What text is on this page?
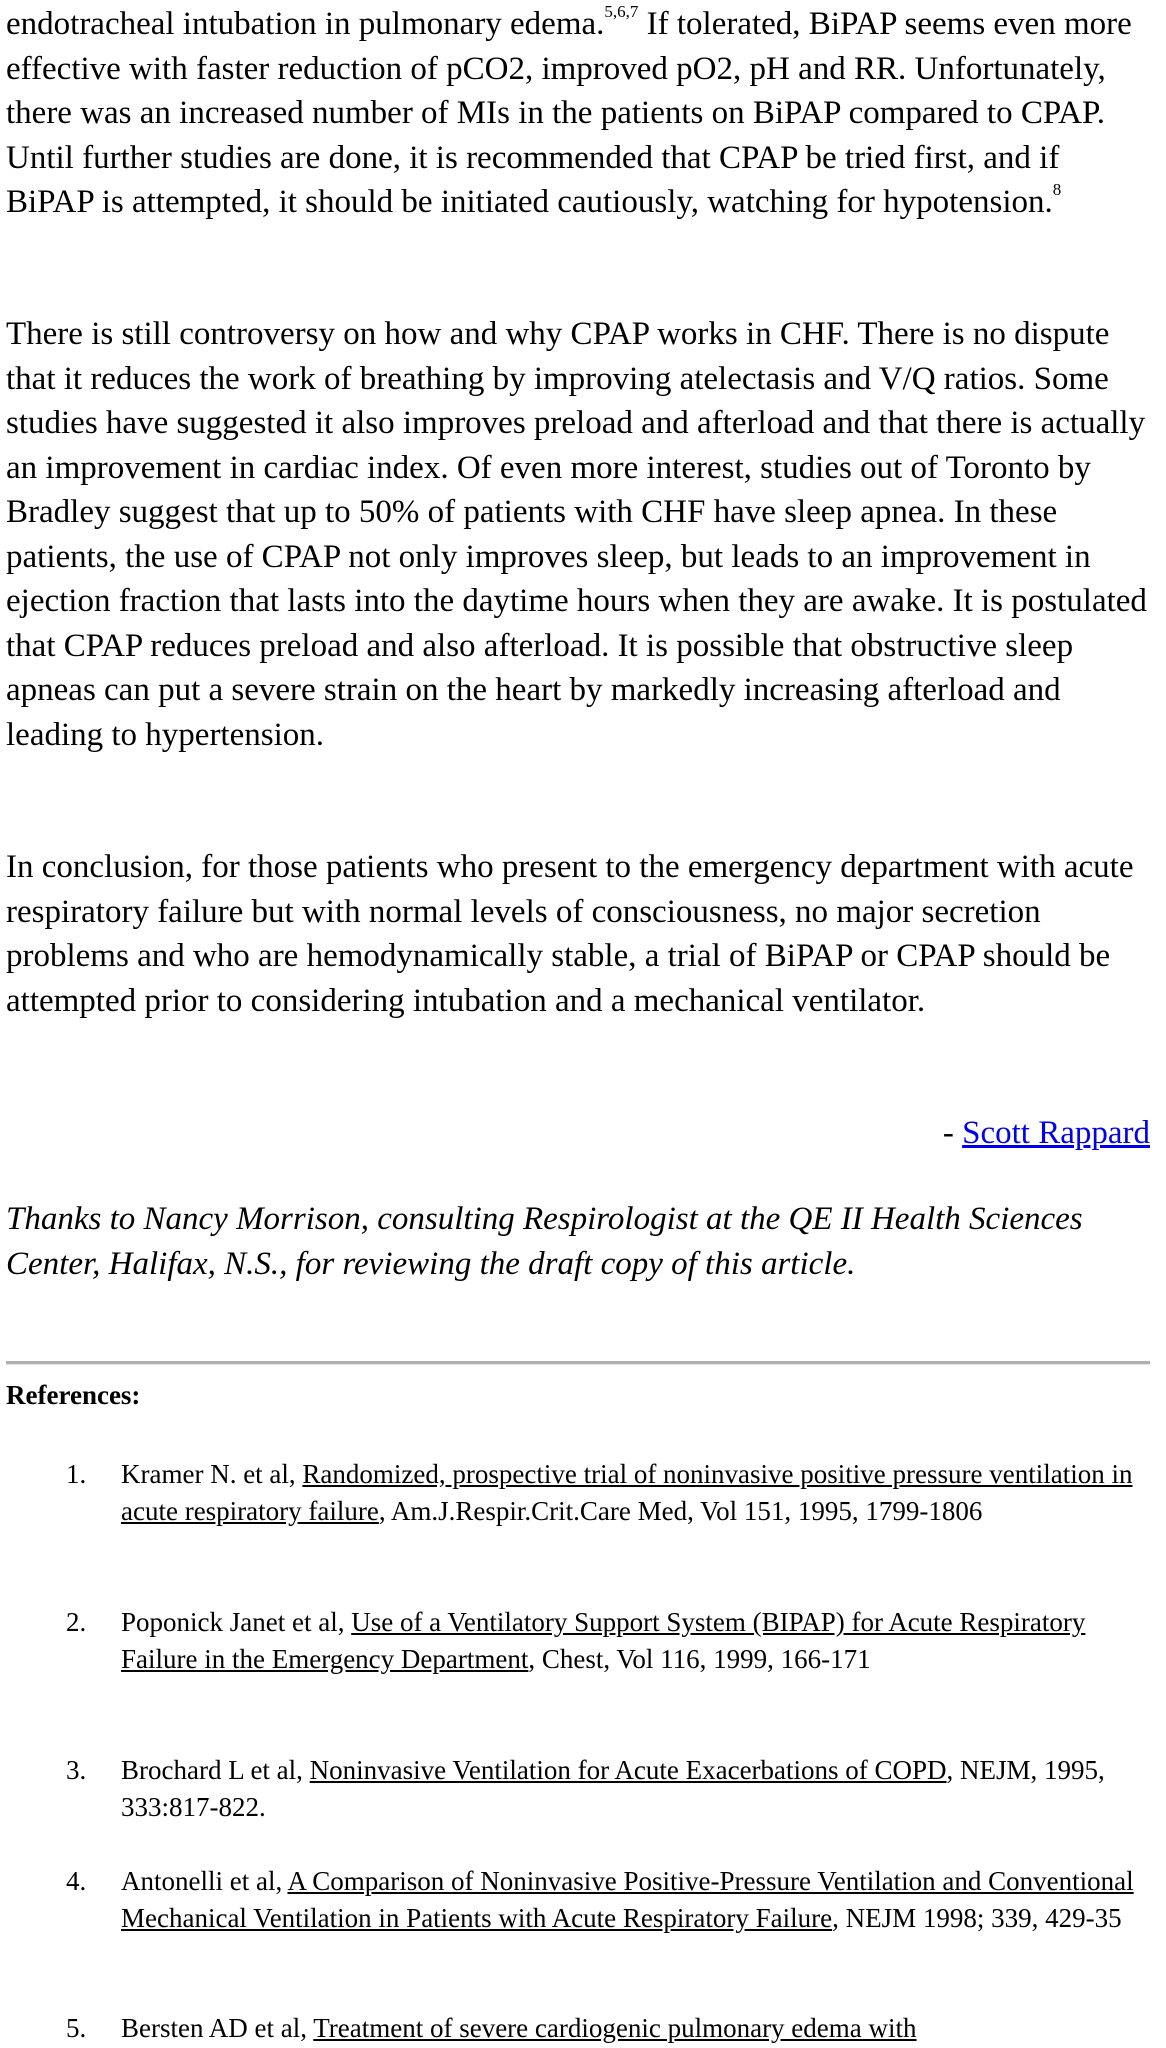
endotracheal intubation in pulmonary edema.$^{5,6,7}$ If tolerated, BiPAP seems even more effective with faster reduction of pCO2, improved pO2, pH and RR. Unfortunately, there was an increased number of MIs in the patients on BiPAP compared to CPAP. Until further studies are done, it is recommended that CPAP be tried first, and if BiPAP is attempted, it should be initiated cautiously, watching for hypotension.$^8$

There is still controversy on how and why CPAP works in CHF. There is no dispute that it reduces the work of breathing by improving atelectasis and V/Q ratios. Some studies have suggested it also improves preload and afterload and that there is actually an improvement in cardiac index. Of even more interest, studies out of Toronto by Bradley suggest that up to 50% of patients with CHF have sleep apnea. In these patients, the use of CPAP not only improves sleep, but leads to an improvement in ejection fraction that lasts into the daytime hours when they are awake. It is postulated that CPAP reduces preload and also afterload. It is possible that obstructive sleep apneas can put a severe strain on the heart by markedly increasing afterload and leading to hypertension.

In conclusion, for those patients who present to the emergency department with acute respiratory failure but with normal levels of consciousness, no major secretion problems and who are hemodynamically stable, a trial of BiPAP or CPAP should be attempted prior to considering intubation and a mechanical ventilator.

- Scott Rappard

Thanks to Nancy Morrison, consulting Respirologist at the QE II Health Sciences Center, Halifax, N.S., for reviewing the draft copy of this article.

References:

1.	Kramer N. et al, Randomized, prospective trial of noninvasive positive pressure ventilation in acute respiratory failure, Am.J.Respir.Crit.Care Med, Vol 151, 1995, 1799-1806
2.	Poponick Janet et al, Use of a Ventilatory Support System (BIPAP) for Acute Respiratory Failure in the Emergency Department, Chest, Vol 116, 1999, 166-171
3.	Brochard L et al, Noninvasive Ventilation for Acute Exacerbations of COPD, NEJM, 1995, 333:817-822.
4.	Antonelli et al, A Comparison of Noninvasive Positive-Pressure Ventilation and Conventional Mechanical Ventilation in Patients with Acute Respiratory Failure, NEJM 1998; 339, 429-35
5.	Bersten AD et al, Treatment of severe cardiogenic pulmonary edema with
